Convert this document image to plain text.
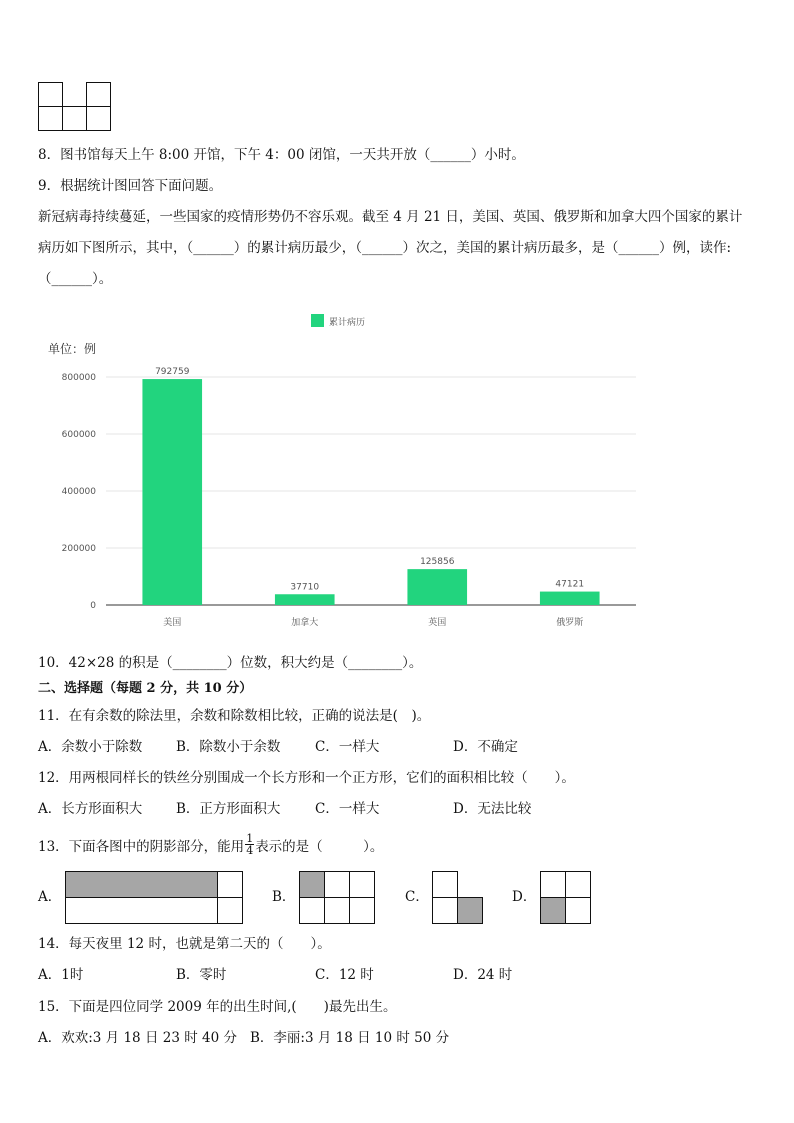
8．图书馆每天上午 8:00 开馆，下午 4：00 闭馆，一天共开放（______）小时。
9．根据统计图回答下面问题。
新冠病毒持续蔓延，一些国家的疫情形势仍不容乐观。截至 4 月 21 日，美国、英国、俄罗斯和加拿大四个国家的累计
病历如下图所示，其中，（______）的累计病历最少，（______）次之，美国的累计病历最多，是（______）例，读作:
（______）。
累计病历
单位：例
0
200000
400000
600000
800000
792759
美国
37710
加拿大
125856
英国
47121
俄罗斯
10．42×28 的积是（________）位数，积大约是（________）。
二、选择题（每题 2 分，共 10 分）
11．在有余数的除法里，余数和除数相比较，正确的说法是(　)。
A．余数小于除数	B．除数小于余数	C．一样大	D．不确定
12．用两根同样长的铁丝分别围成一个长方形和一个正方形，它们的面积相比较（　　）。
A．长方形面积大	B．正方形面积大	C．一样大	D．无法比较
13．下面各图中的阴影部分，能用 $\frac{1}{4}$ 表示的是（　　　）。
A．	B．	C．	D．
14．每天夜里 12 时，也就是第二天的（　　）。
A．1时	B．零时	C．12 时	D．24 时
15．下面是四位同学 2009 年的出生时间,(　　)最先出生。
A．欢欢:3 月 18 日 23 时 40 分 B．李丽:3 月 18 日 10 时 50 分
